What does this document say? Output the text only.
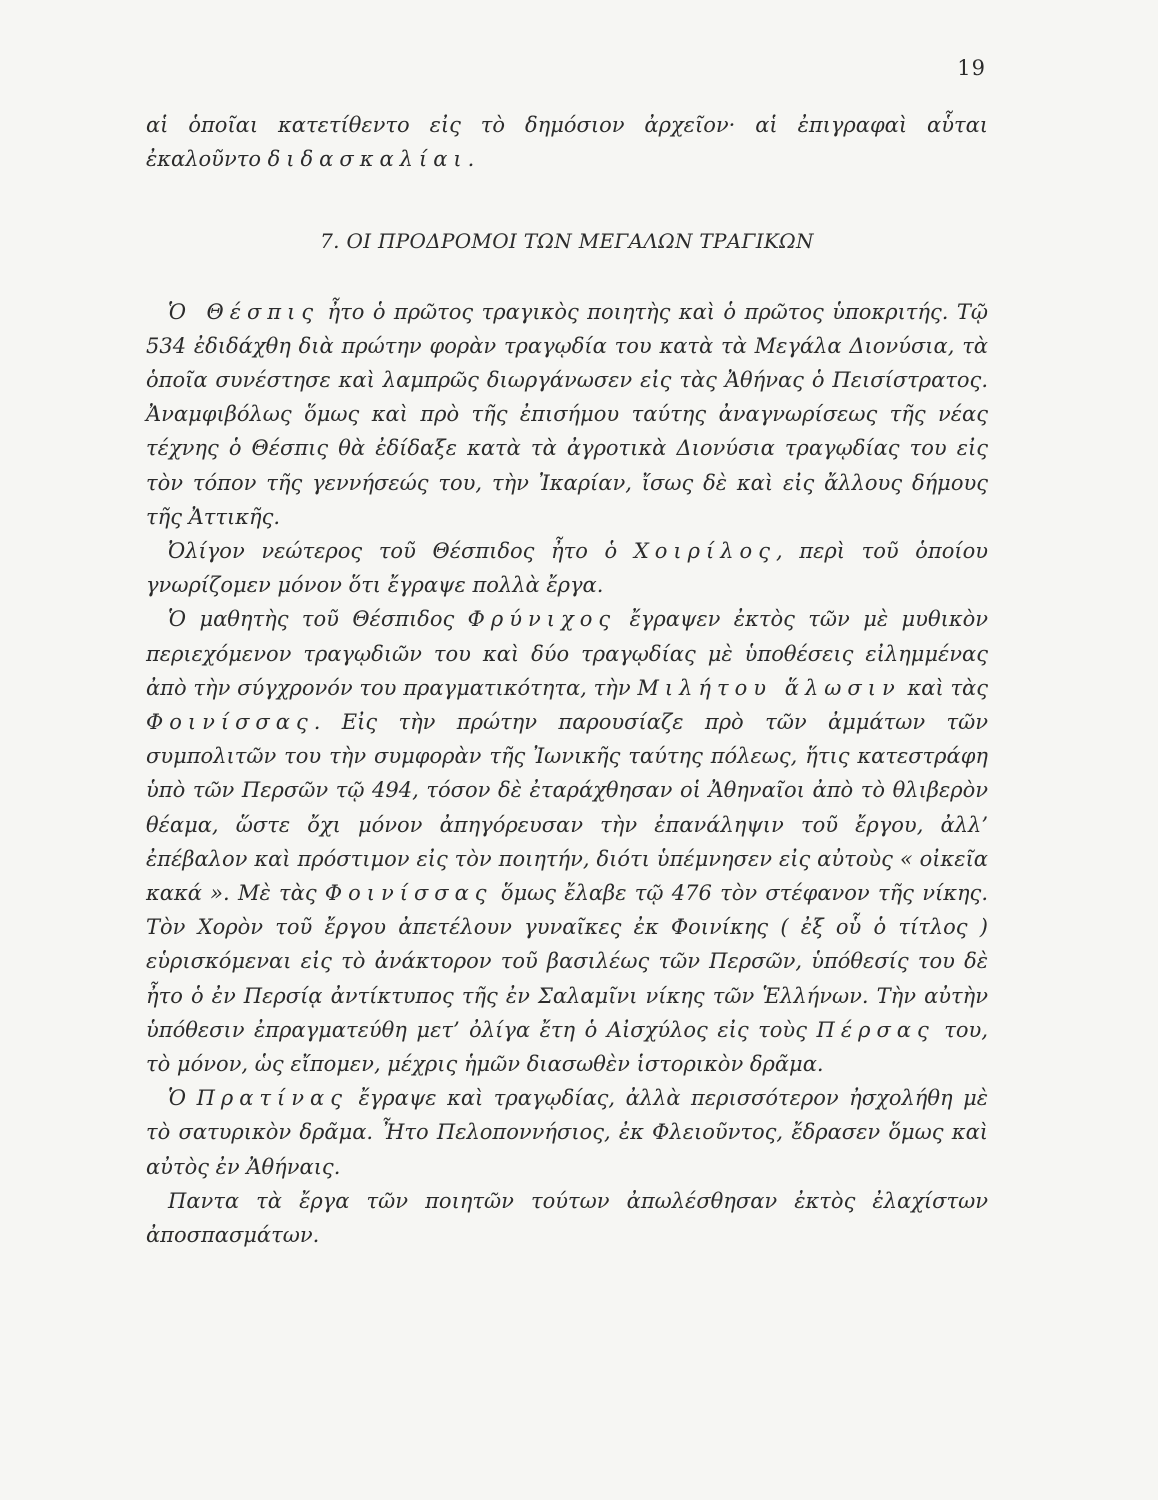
19

αἱ ὁποῖαι κατετίθεντο εἰς τὸ δημόσιον ἀρχεῖον· αἱ ἐπιγραφαὶ αὗται ἐκαλοῦντο διδασκαλίαι.

7. ΟΙ ΠΡΟΔΡΟΜΟΙ ΤΩΝ ΜΕΓΑΛΩΝ ΤΡΑΓΙΚΩΝ

Ὁ Θέσπις ἦτο ὁ πρῶτος τραγικὸς ποιητὴς καὶ ὁ πρῶτος ὑποκριτής. Τῷ 534 ἐδιδάχθη διὰ πρώτην φορὰν τραγῳδία του κατὰ τὰ Μεγάλα Διονύσια, τὰ ὁποῖα συνέστησε καὶ λαμπρῶς διωργάνωσεν εἰς τὰς Ἀθήνας ὁ Πεισίστρατος. Ἀναμφιβόλως ὅμως καὶ πρὸ τῆς ἐπισήμου ταύτης ἀναγνωρίσεως τῆς νέας τέχνης ὁ Θέσπις θὰ ἐδίδαξε κατὰ τὰ ἀγροτικὰ Διονύσια τραγῳδίας του εἰς τὸν τόπον τῆς γεννήσεώς του, τὴν Ἰκαρίαν, ἴσως δὲ καὶ εἰς ἄλλους δήμους τῆς Ἀττικῆς.

Ὀλίγον νεώτερος τοῦ Θέσπιδος ἦτο ὁ Χοιρίλος, περὶ τοῦ ὁποίου γνωρίζομεν μόνον ὅτι ἔγραψε πολλὰ ἔργα.

Ὁ μαθητὴς τοῦ Θέσπιδος Φρύνιχος ἔγραψεν ἐκτὸς τῶν μὲ μυθικὸν περιεχόμενον τραγῳδιῶν του καὶ δύο τραγῳδίας μὲ ὑποθέσεις εἰλημμένας ἀπὸ τὴν σύγχρονόν του πραγματικότητα, τὴν Μιλήτου ἅλωσιν καὶ τὰς Φοινίσσας. Εἰς τὴν πρώτην παρουσίαζε πρὸ τῶν ἀμμάτων τῶν συμπολιτῶν του τὴν συμφορὰν τῆς Ἰωνικῆς ταύτης πόλεως, ἥτις κατεστράφη ὑπὸ τῶν Περσῶν τῷ 494, τόσον δὲ ἐταράχθησαν οἱ Ἀθηναῖοι ἀπὸ τὸ θλιβερὸν θέαμα, ὥστε ὄχι μόνον ἀπηγόρευσαν τὴν ἐπανάληψιν τοῦ ἔργου, ἀλλ’ ἐπέβαλον καὶ πρόστιμον εἰς τὸν ποιητήν, διότι ὑπέμνησεν εἰς αὐτοὺς « οἰκεῖα κακά ». Μὲ τὰς Φοινίσσας ὅμως ἔλαβε τῷ 476 τὸν στέφανον τῆς νίκης. Τὸν Χορὸν τοῦ ἔργου ἀπετέλουν γυναῖκες ἐκ Φοινίκης ( ἐξ οὗ ὁ τίτλος ) εὑρισκόμεναι εἰς τὸ ἀνάκτορον τοῦ βασιλέως τῶν Περσῶν, ὑπόθεσίς του δὲ ἦτο ὁ ἐν Περσίᾳ ἀντίκτυπος τῆς ἐν Σαλαμῖνι νίκης τῶν Ἑλλήνων. Τὴν αὐτὴν ὑπόθεσιν ἐπραγματεύθη μετ’ ὀλίγα ἔτη ὁ Αἰσχύλος εἰς τοὺς Πέρσας του, τὸ μόνον, ὡς εἴπομεν, μέχρις ἡμῶν διασωθὲν ἱστορικὸν δρᾶμα.

Ὁ Πρατίνας ἔγραψε καὶ τραγῳδίας, ἀλλὰ περισσότερον ἠσχολήθη μὲ τὸ σατυρικὸν δρᾶμα. Ἦτο Πελοποννήσιος, ἐκ Φλειοῦντος, ἔδρασεν ὅμως καὶ αὐτὸς ἐν Ἀθήναις.

Παντα τὰ ἔργα τῶν ποιητῶν τούτων ἀπωλέσθησαν ἐκτὸς ἐλαχίστων ἀποσπασμάτων.
